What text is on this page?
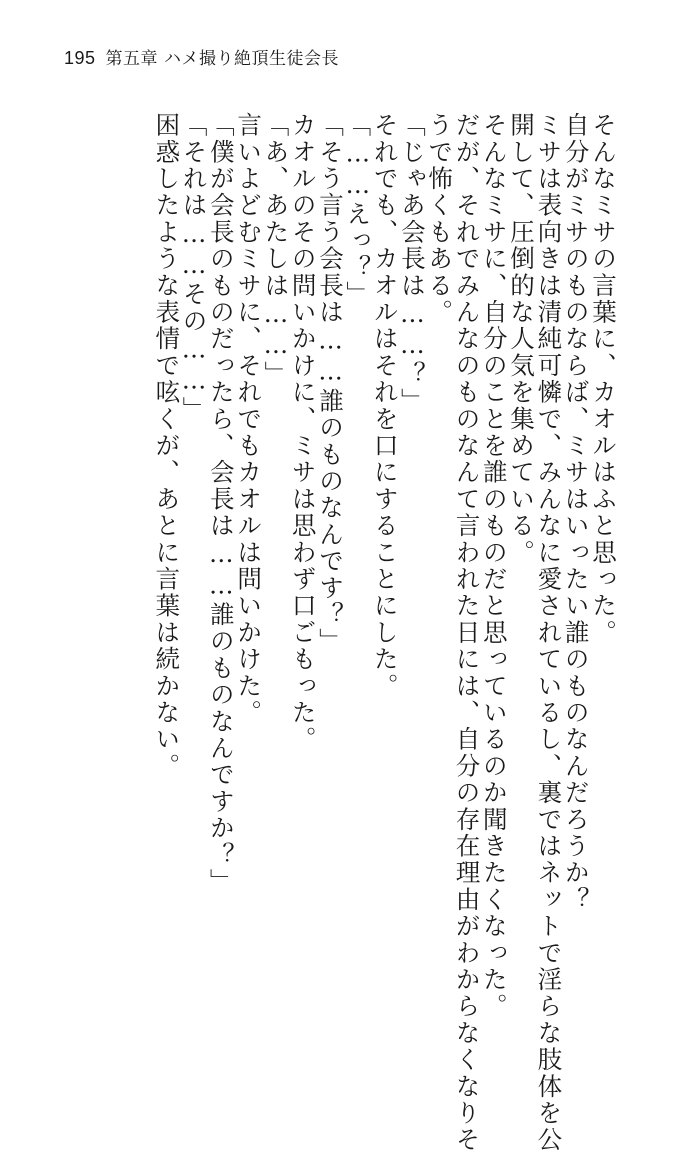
195 第五章 ハメ撮り絶頂生徒会長
そんなミサの言葉に、カオルはふと思った。
自分がミサのものならば、ミサはいったい誰のものなんだろうか？
ミサは表向きは清純可憐で、みんなに愛されているし、裏ではネットで淫らな肢体を公
開して、圧倒的な人気を集めている。
そんなミサに、自分のことを誰のものだと思っているのか聞きたくなった。
だが、それでみんなのものなんて言われた日には、自分の存在理由がわからなくなりそ
うで怖くもある。
「じゃあ会長は……？」
それでも、カオルはそれを口にすることにした。
「……えっ？」
「そう言う会長は……誰のものなんです？」
カオルのその問いかけに、ミサは思わず口ごもった。
「あ、あたしは……」
言いよどむミサに、それでもカオルは問いかけた。
「僕が会長のものだったら、会長は……誰のものなんですか？」
「それは……その……」
困惑したような表情で呟くが、あとに言葉は続かない。
